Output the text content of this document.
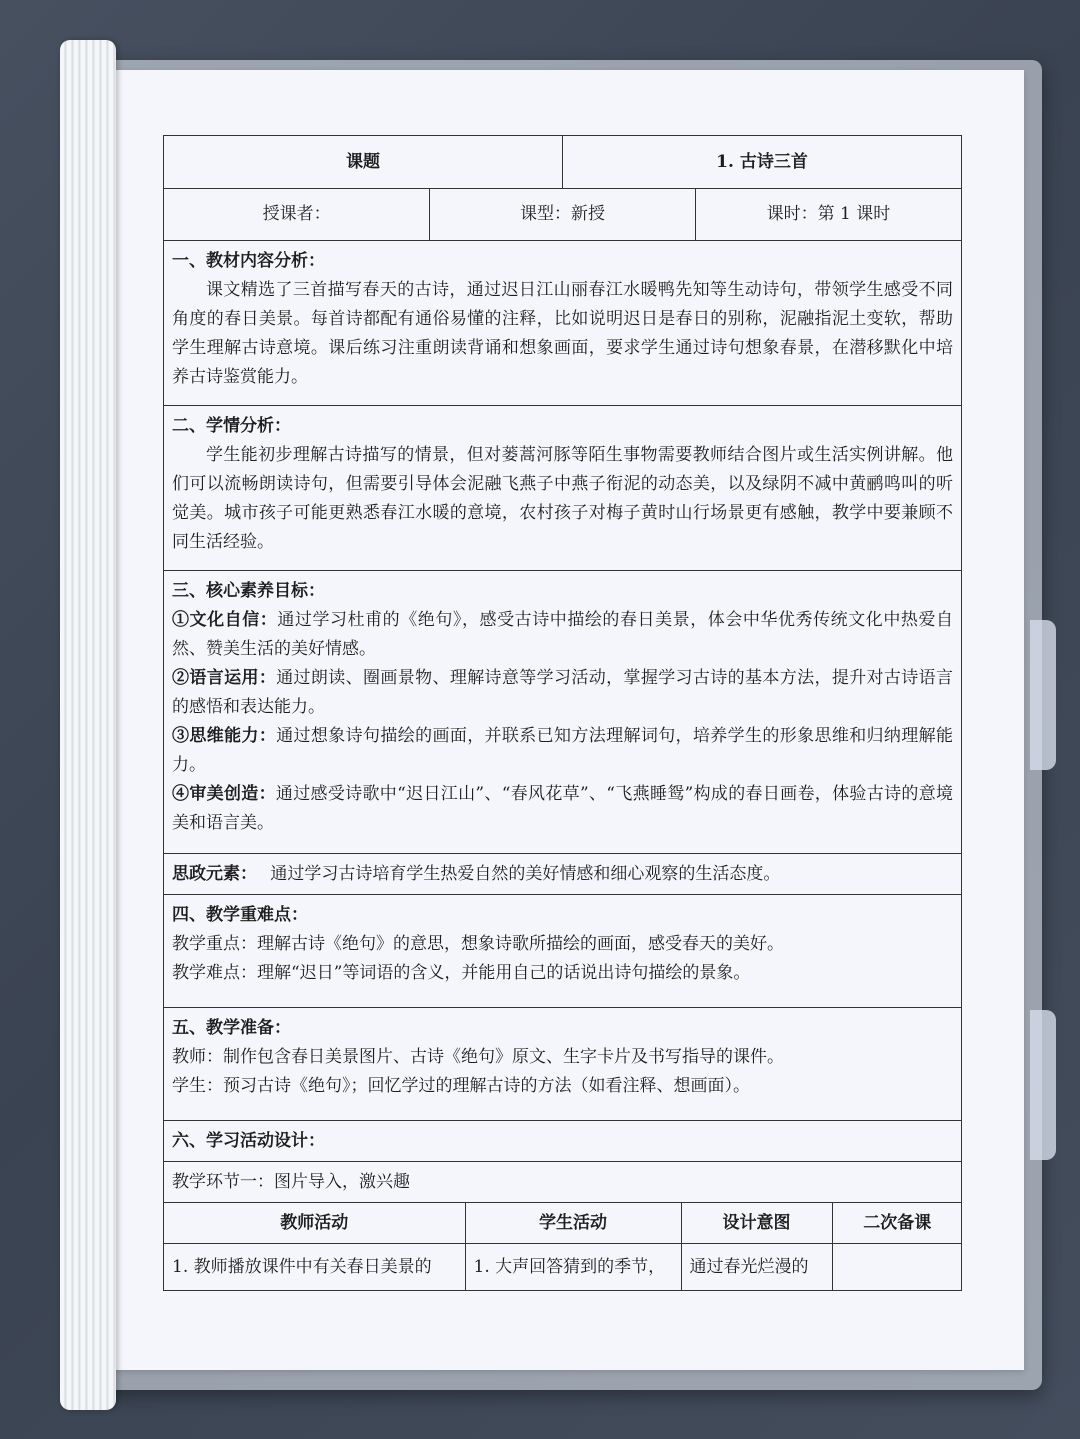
课题	1. 古诗三首

授课者：	课型：新授	课时：第 1 课时

一、教材内容分析：
课文精选了三首描写春天的古诗，通过迟日江山丽春江水暖鸭先知等生动诗句，带领学生感受不同角度的春日美景。每首诗都配有通俗易懂的注释，比如说明迟日是春日的别称，泥融指泥土变软，帮助学生理解古诗意境。课后练习注重朗读背诵和想象画面，要求学生通过诗句想象春景，在潜移默化中培养古诗鉴赏能力。

二、学情分析：
学生能初步理解古诗描写的情景，但对蒌蒿河豚等陌生事物需要教师结合图片或生活实例讲解。他们可以流畅朗读诗句，但需要引导体会泥融飞燕子中燕子衔泥的动态美，以及绿阴不减中黄鹂鸣叫的听觉美。城市孩子可能更熟悉春江水暖的意境，农村孩子对梅子黄时山行场景更有感触，教学中要兼顾不同生活经验。

三、核心素养目标：
①文化自信：通过学习杜甫的《绝句》，感受古诗中描绘的春日美景，体会中华优秀传统文化中热爱自然、赞美生活的美好情感。
②语言运用：通过朗读、圈画景物、理解诗意等学习活动，掌握学习古诗的基本方法，提升对古诗语言的感悟和表达能力。
③思维能力：通过想象诗句描绘的画面，并联系已知方法理解词句，培养学生的形象思维和归纳理解能力。
④审美创造：通过感受诗歌中“迟日江山”、“春风花草”、“飞燕睡鸳”构成的春日画卷，体验古诗的意境美和语言美。

思政元素： 通过学习古诗培育学生热爱自然的美好情感和细心观察的生活态度。

四、教学重难点：
教学重点：理解古诗《绝句》的意思，想象诗歌所描绘的画面，感受春天的美好。
教学难点：理解“迟日”等词语的含义，并能用自己的话说出诗句描绘的景象。

五、教学准备：
教师：制作包含春日美景图片、古诗《绝句》原文、生字卡片及书写指导的课件。
学生：预习古诗《绝句》；回忆学过的理解古诗的方法（如看注释、想画面）。

六、学习活动设计：
教学环节一：图片导入，激兴趣

教师活动	学生活动	设计意图	二次备课
1. 教师播放课件中有关春日美景的	1. 大声回答猜到的季节，	通过春光烂漫的	
